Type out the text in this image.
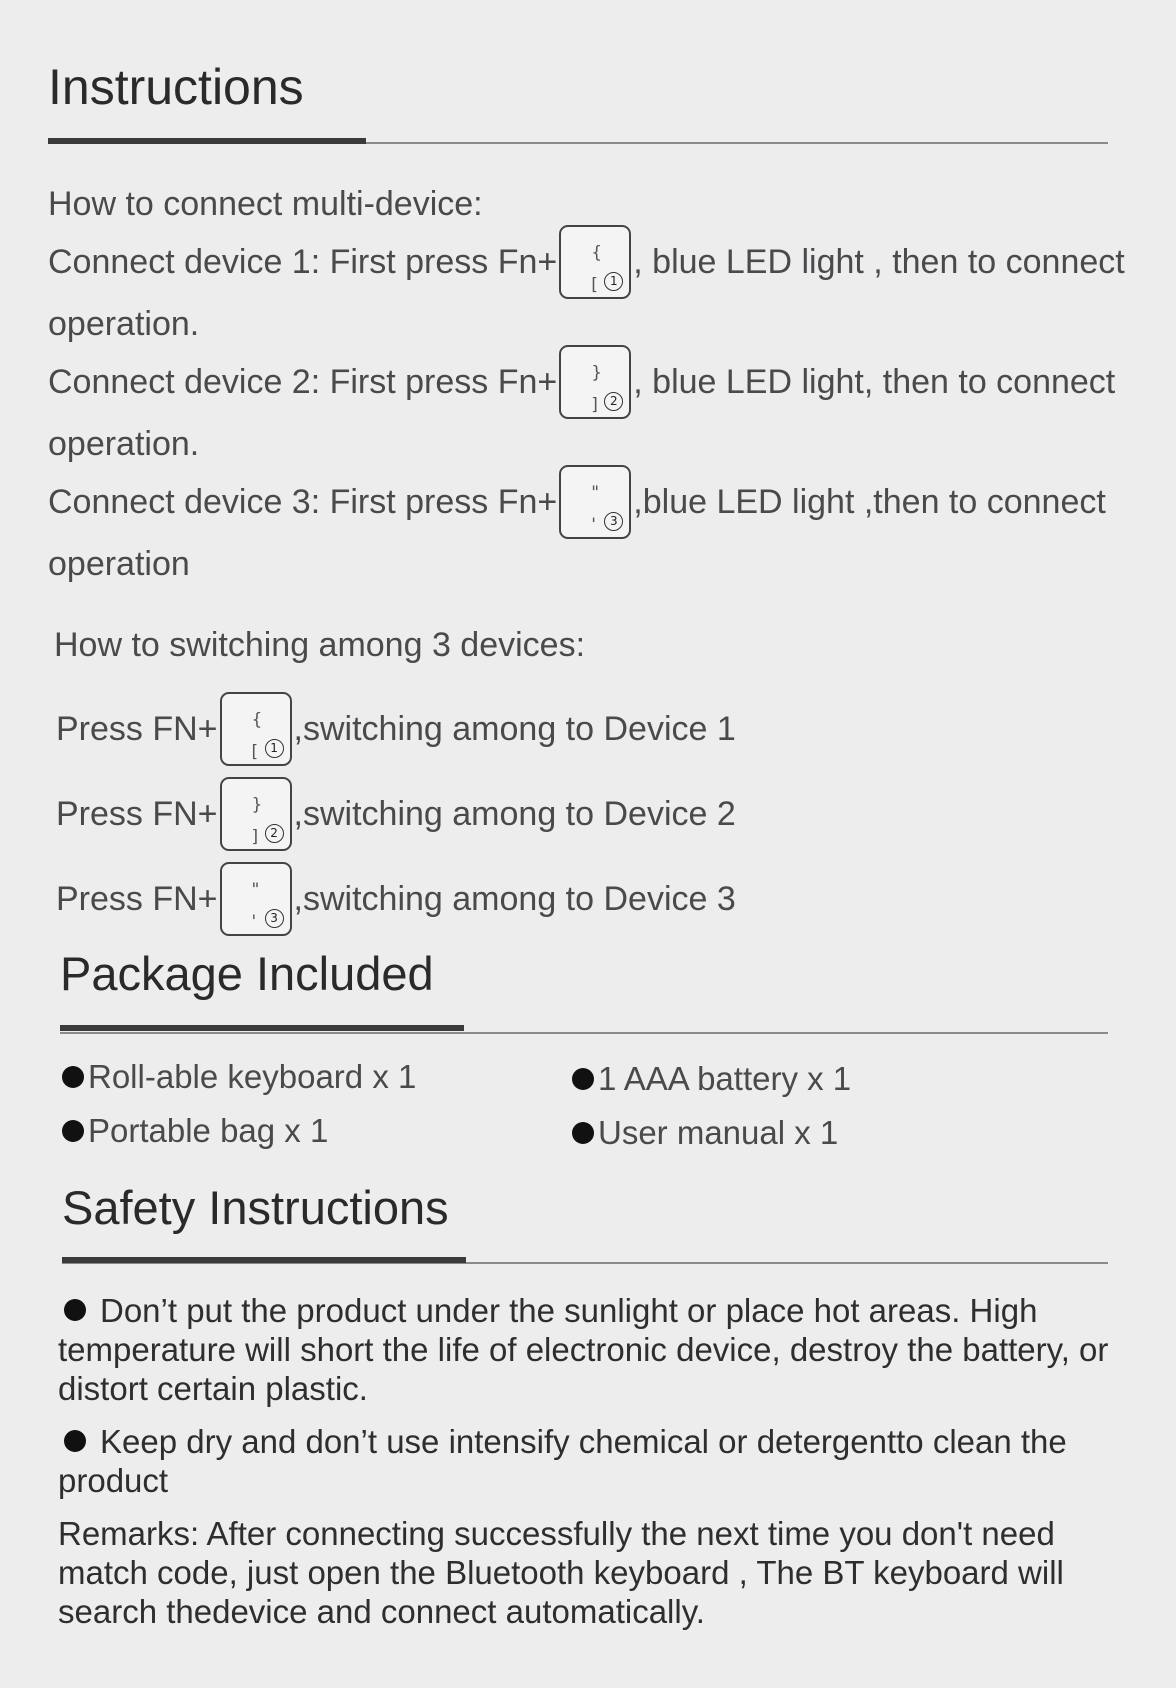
Instructions
How to connect multi-device:
Connect device 1: First press Fn+ {
[	1 , blue LED light , then to connect
operation.
Connect device 2: First press Fn+ }
]	2 , blue LED light, then to connect
operation.
Connect device 3: First press Fn+ "
'	3 ,blue LED light ,then to connect
operation
How to switching among 3 devices:
Press FN+ {
[	1 ,switching among to Device 1
Press FN+ }
]	2 ,switching among to Device 2
Press FN+ "
'	3 ,switching among to Device 3
Package Included
Roll-able keyboard x 1	1 AAA battery x 1
Portable bag x 1	User manual x 1
Safety Instructions
Don’t put the product under the sunlight or place hot areas. High temperature will short the life of electronic device, destroy the battery, or distort certain plastic.
Keep dry and don’t use intensify chemical or detergentto clean the product
Remarks: After connecting successfully the next time you don't need match code, just open the Bluetooth keyboard , The BT keyboard will search thedevice and connect automatically.
